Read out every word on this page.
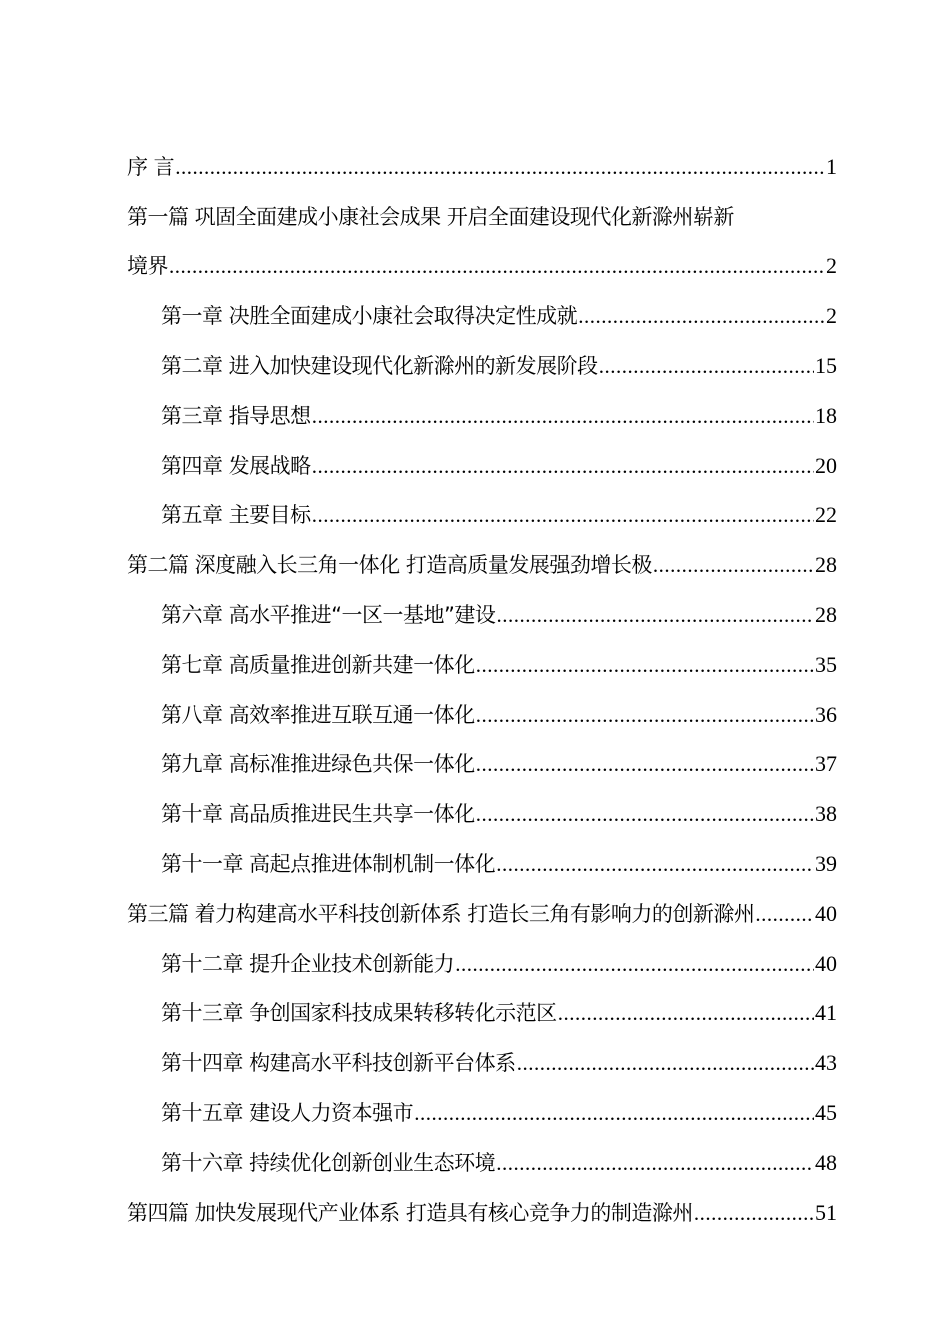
序 言 .....	1
第一篇 巩固全面建成小康社会成果 开启全面建设现代化新滁州崭新
境界 .....	2
第一章 决胜全面建成小康社会取得决定性成就 .....	2
第二章 进入加快建设现代化新滁州的新发展阶段 .....	15
第三章 指导思想 .....	18
第四章 发展战略 .....	20
第五章 主要目标 .....	22
第二篇 深度融入长三角一体化 打造高质量发展强劲增长极 .....	28
第六章 高水平推进“一区一基地”建设 .....	28
第七章 高质量推进创新共建一体化 .....	35
第八章 高效率推进互联互通一体化 .....	36
第九章 高标准推进绿色共保一体化 .....	37
第十章 高品质推进民生共享一体化 .....	38
第十一章 高起点推进体制机制一体化 .....	39
第三篇 着力构建高水平科技创新体系 打造长三角有影响力的创新滁州 .....	40
第十二章 提升企业技术创新能力 .....	40
第十三章 争创国家科技成果转移转化示范区 .....	41
第十四章 构建高水平科技创新平台体系 .....	43
第十五章 建设人力资本强市 .....	45
第十六章 持续优化创新创业生态环境 .....	48
第四篇 加快发展现代产业体系 打造具有核心竞争力的制造滁州 .....	51
